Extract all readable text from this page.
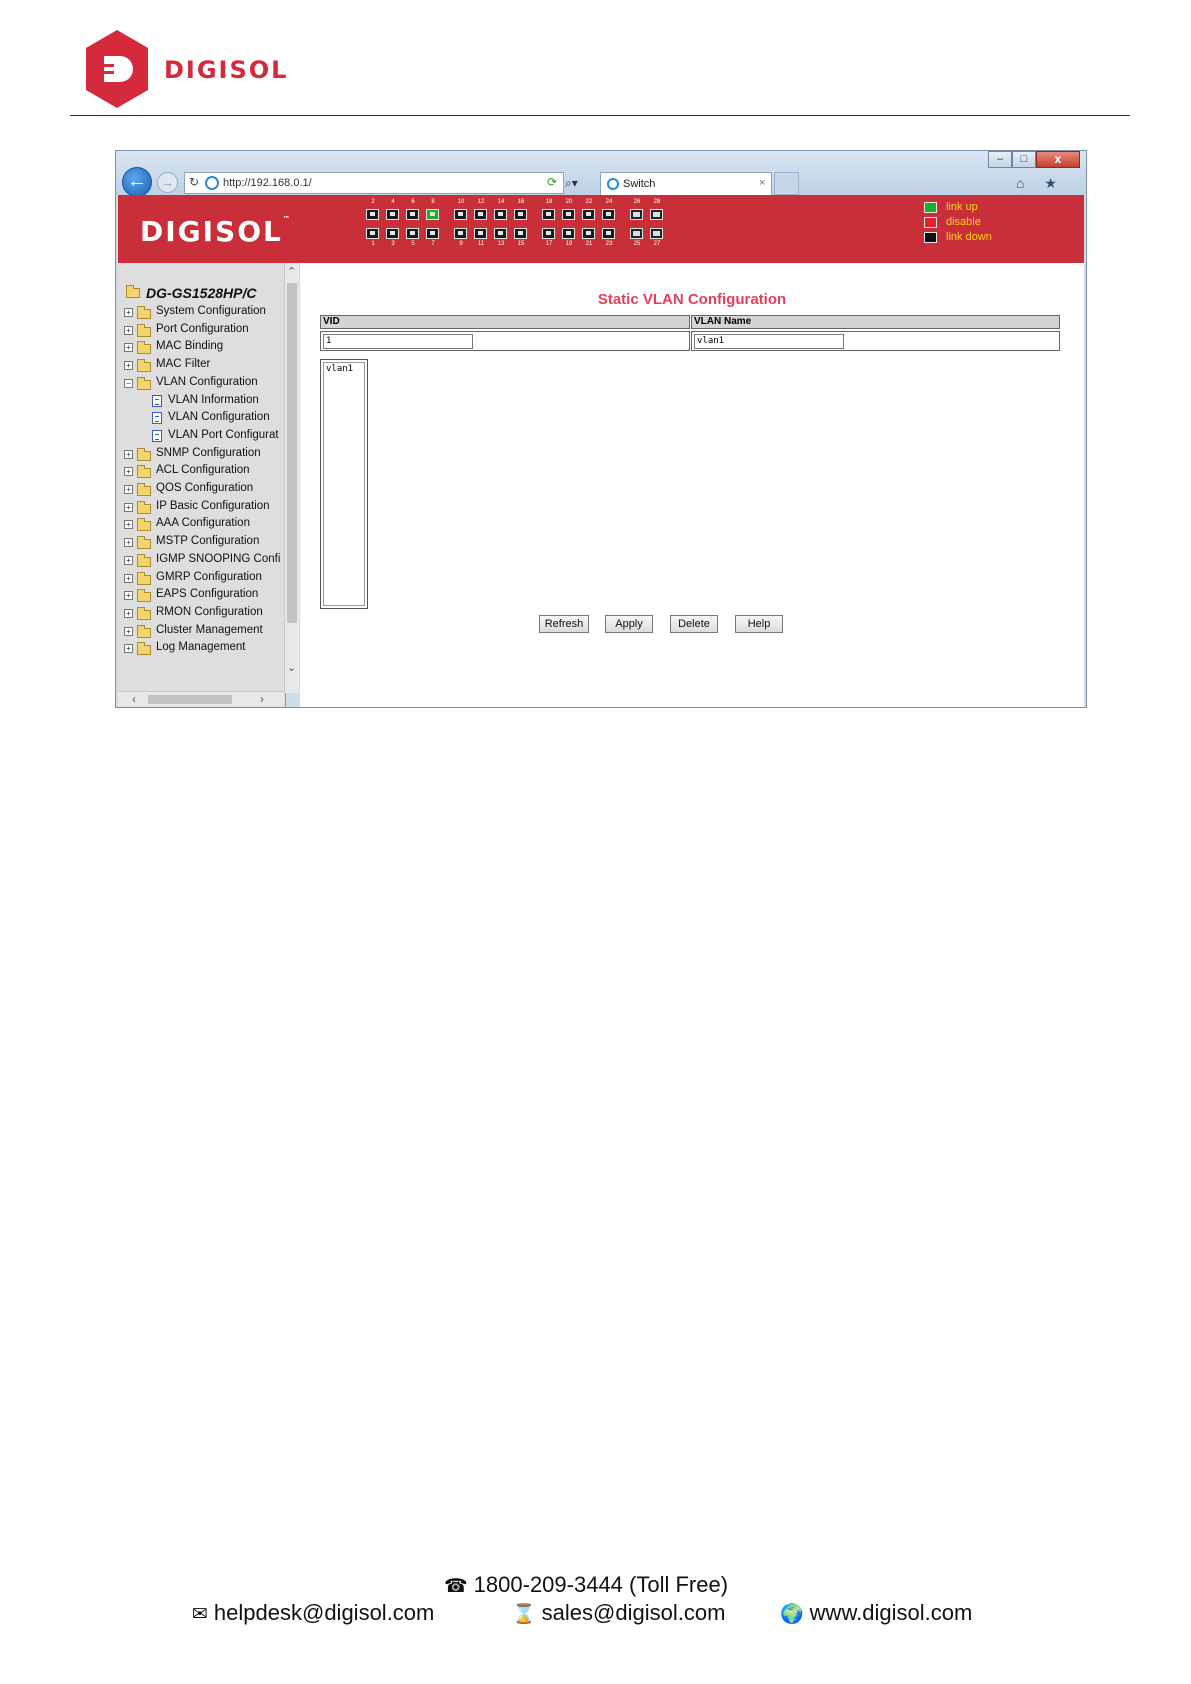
DIGISOL
←	→	↻ http://192.168.0.1/	⟳ ⌕▾	Switch	×
–	□	x
⌂ ★
DIGISOL™
2
1
4
3
6
5
8
7
10
9
12
11
14
13
16
15
18
17
20
19
22
21
24
23
26
25
28
27
link up
disable
link down
DG-GS1528HP/C
+ System Configuration
+ Port Configuration
+ MAC Binding
+ MAC Filter
− VLAN Configuration
VLAN Information
VLAN Configuration
VLAN Port Configurat
+ SNMP Configuration
+ ACL Configuration
+ QOS Configuration
+ IP Basic Configuration
+ AAA Configuration
+ MSTP Configuration
+ IGMP SNOOPING Confi
+ GMRP Configuration
+ EAPS Configuration
+ RMON Configuration
+ Cluster Management
+ Log Management
⌃
⌄
‹	›
Static VLAN Configuration
VID	VLAN Name
1	vlan1
vlan1
Refresh	Apply	Delete	Help
☎ 1800-209-3444 (Toll Free)
✉ helpdesk@digisol.com	⌛ sales@digisol.com	🌍 www.digisol.com
